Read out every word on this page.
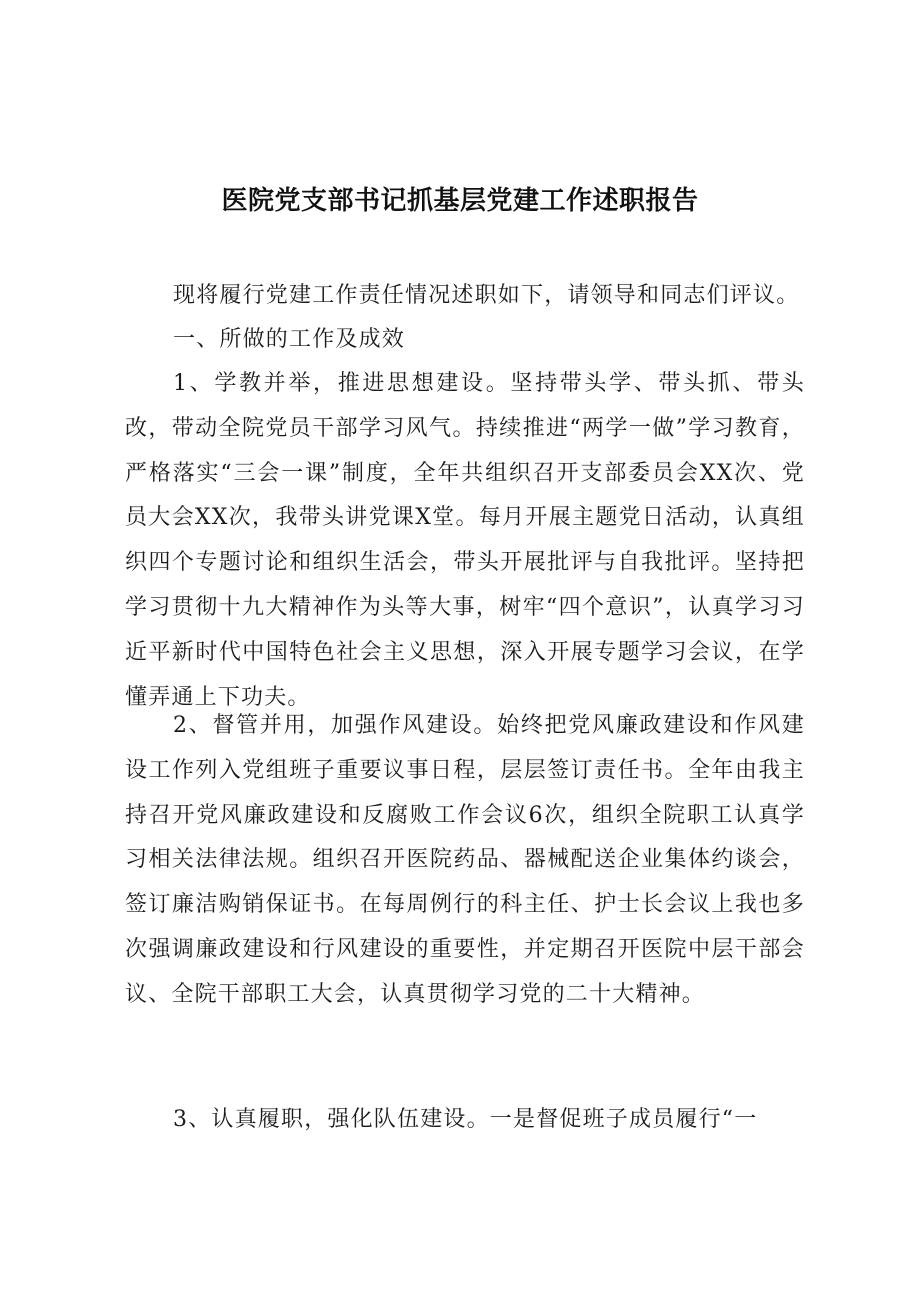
医院党支部书记抓基层党建工作述职报告

现将履行党建工作责任情况述职如下，请领导和同志们评议。

一、所做的工作及成效

1、学教并举，推进思想建设。坚持带头学、带头抓、带头改，带动全院党员干部学习风气。持续推进“两学一做”学习教育，严格落实“三会一课”制度，全年共组织召开支部委员会XX次、党员大会XX次，我带头讲党课X堂。每月开展主题党日活动，认真组织四个专题讨论和组织生活会，带头开展批评与自我批评。坚持把学习贯彻十九大精神作为头等大事，树牢“四个意识”，认真学习习近平新时代中国特色社会主义思想，深入开展专题学习会议，在学懂弄通上下功夫。

2、督管并用，加强作风建设。始终把党风廉政建设和作风建设工作列入党组班子重要议事日程，层层签订责任书。全年由我主持召开党风廉政建设和反腐败工作会议6次，组织全院职工认真学习相关法律法规。组织召开医院药品、器械配送企业集体约谈会，签订廉洁购销保证书。在每周例行的科主任、护士长会议上我也多次强调廉政建设和行风建设的重要性，并定期召开医院中层干部会议、全院干部职工大会，认真贯彻学习党的二十大精神。

3、认真履职，强化队伍建设。一是督促班子成员履行“一
